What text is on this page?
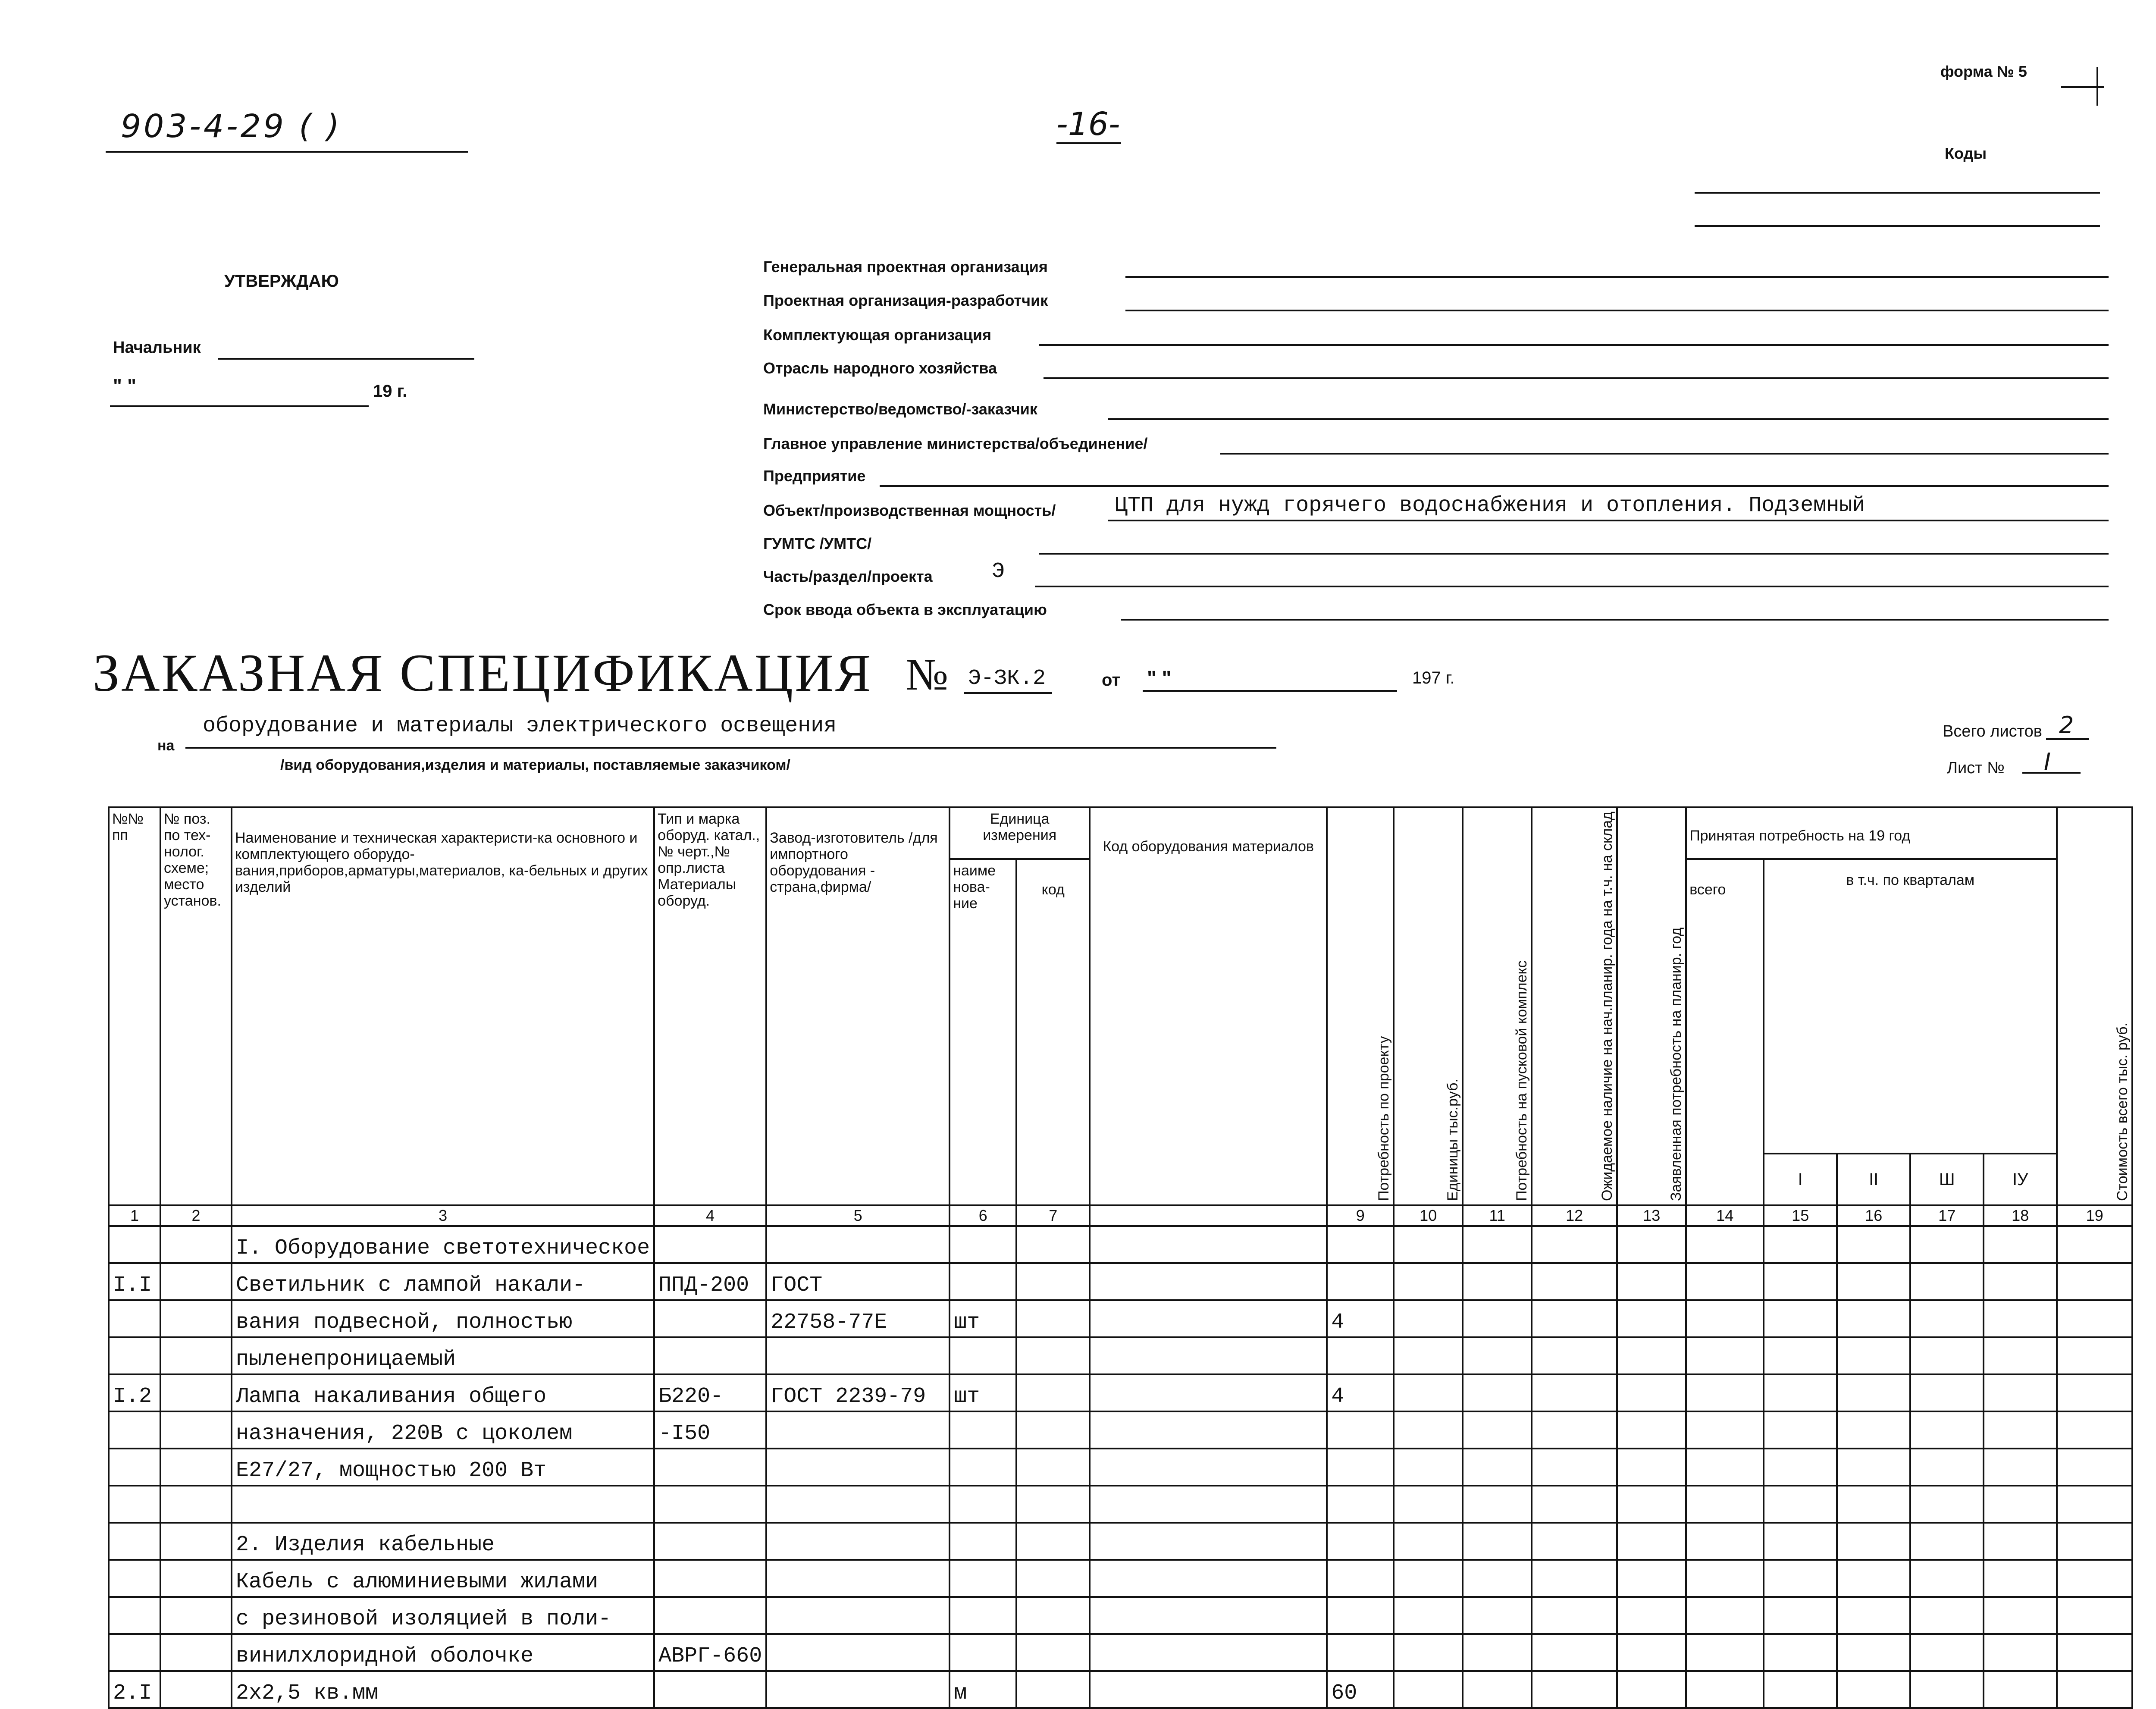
903-4-29 ( )	-16-
форма № 5
Коды
УТВЕРЖДАЮ
Начальник
" "	19 г.
Генеральная проектная организация
Проектная организация-разработчик
Комплектующая организация
Отрасль народного хозяйства
Министерство/ведомство/-заказчик
Главное управление министерства/объединение/
Предприятие
Объект/производственная мощность/	ЦТП для нужд горячего водоснабжения и отопления. Подземный
ГУМТС /УМТС/
Часть/раздел/проекта	Э
Срок ввода объекта в эксплуатацию
ЗАКАЗНАЯ СПЕЦИФИКАЦИЯ № Э-ЗК.2	от " "	197 г.
на
оборудование и материалы электрического освещения
/вид оборудования,изделия и материалы, поставляемые заказчиком/
Всего листов 2
Лист № I
№№ пп	№ поз. по тех-нолог. схеме; место установ.	Наименование и техническая характеристи-ка основного и комплектующего оборудо-вания,приборов,арматуры,материалов, ка-бельных и других изделий	Тип и марка оборуд. катал.,№ черт.,№ опр.листа Материалы оборуд.	Завод-изготовитель /для импортного оборудования - страна,фирма/	Единица измерения		Код оборудования материалов	Потребность по проекту	Единицы тыс.руб.	Потребность на пусковой комплекс	Ожидаемое наличие на нач.планир. года на т.ч. на склад	Заявленная потребность на планир. год	Принятая потребность на 19 год					Стоимость всего тыс. руб.
					наиме нова-ние	код							всего	в т.ч. по кварталам				
														I	II	Ш	IУ	
1	2	3	4	5	6	7		9	10	11	12	13	14	15	16	17	18	19
		I. Оборудование светотехническое																
I.I		Светильник с лампой накали-	ППД-200	ГОСТ														
		вания подвесной, полностью		22758-77Е	шт			4										
		пыленепроницаемый																
I.2		Лампа накаливания общего	Б220-	ГОСТ 2239-79	шт			4										
		назначения, 220В с цоколем	-I50															
		Е27/27, мощностью 200 Вт																

		2. Изделия кабельные																
		Кабель с алюминиевыми жилами																
		с резиновой изоляцией в поли-																
		винилхлоридной оболочке	АВРГ-660															
2.I		2х2,5 кв.мм			м			60										
